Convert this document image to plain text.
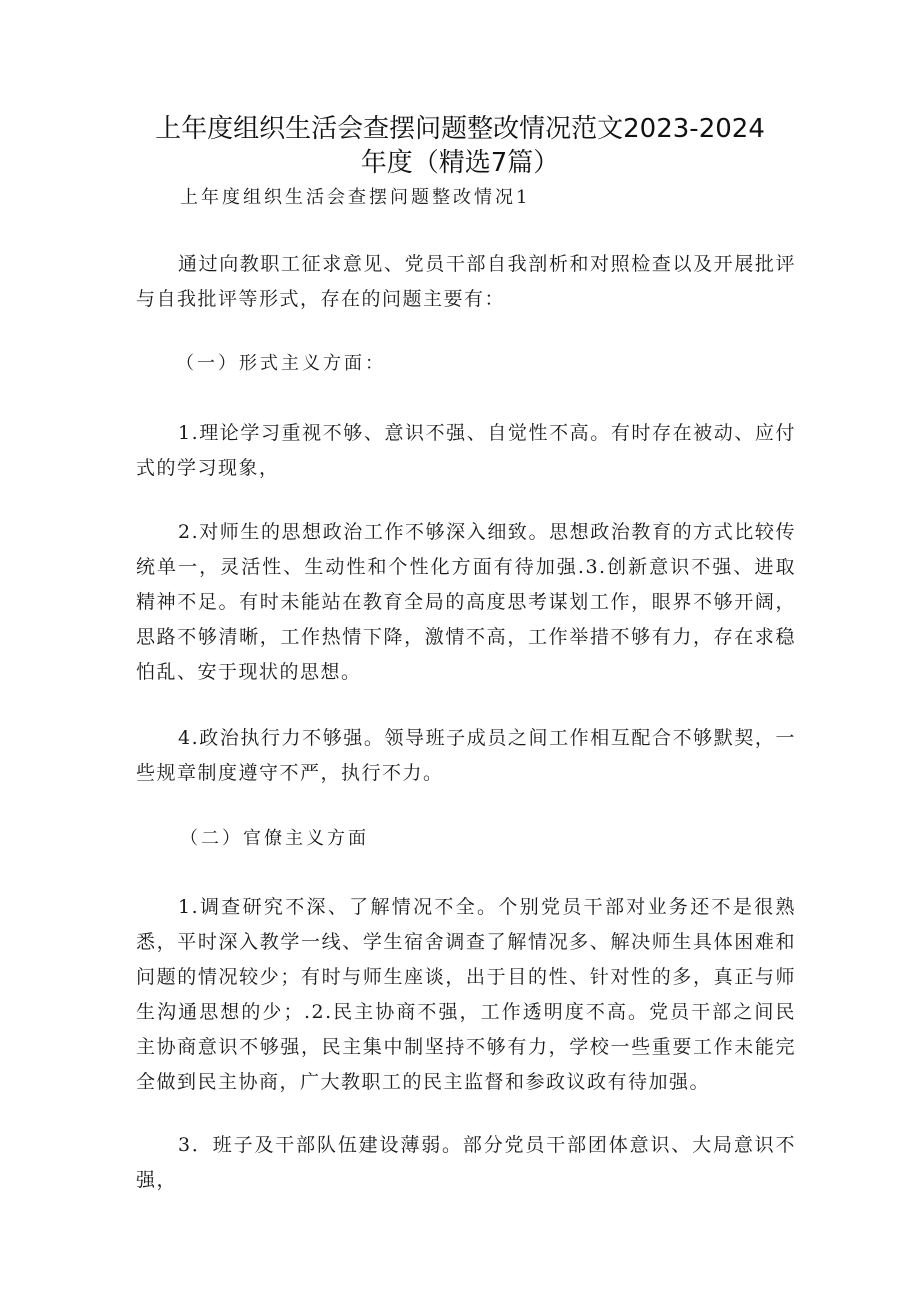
上年度组织生活会查摆问题整改情况范文2023-2024
年度（精选7篇）
上年度组织生活会查摆问题整改情况1

通过向教职工征求意见、党员干部自我剖析和对照检查以及开展批评与自我批评等形式，存在的问题主要有：

（一）形式主义方面：

1.理论学习重视不够、意识不强、自觉性不高。有时存在被动、应付式的学习现象，

2.对师生的思想政治工作不够深入细致。思想政治教育的方式比较传统单一，灵活性、生动性和个性化方面有待加强.3.创新意识不强、进取精神不足。有时未能站在教育全局的高度思考谋划工作，眼界不够开阔，思路不够清晰，工作热情下降，激情不高，工作举措不够有力，存在求稳怕乱、安于现状的思想。

4.政治执行力不够强。领导班子成员之间工作相互配合不够默契，一些规章制度遵守不严，执行不力。

（二）官僚主义方面

1.调查研究不深、了解情况不全。个别党员干部对业务还不是很熟悉，平时深入教学一线、学生宿舍调查了解情况多、解决师生具体困难和问题的情况较少；有时与师生座谈，出于目的性、针对性的多，真正与师生沟通思想的少；.2.民主协商不强，工作透明度不高。党员干部之间民主协商意识不够强，民主集中制坚持不够有力，学校一些重要工作未能完全做到民主协商，广大教职工的民主监督和参政议政有待加强。

3．班子及干部队伍建设薄弱。部分党员干部团体意识、大局意识不强，
